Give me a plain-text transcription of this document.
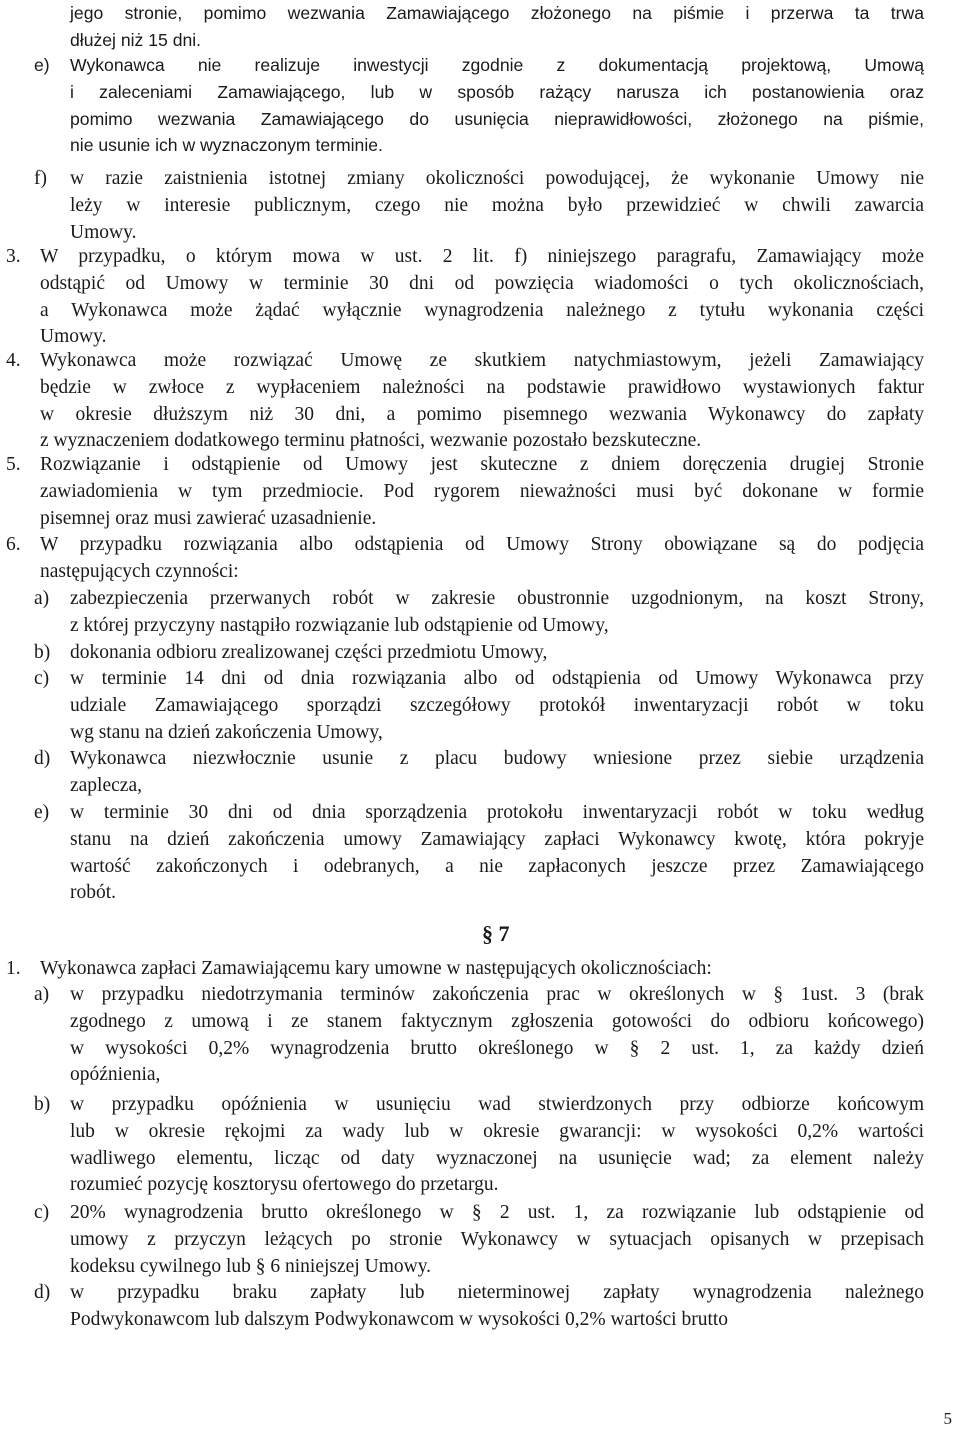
jego stronie, pomimo wezwania Zamawiającego złożonego na piśmie i przerwa ta trwa
dłużej niż 15 dni.
e) Wykonawca nie realizuje inwestycji zgodnie z dokumentacją projektową, Umową
i zaleceniami Zamawiającego, lub w sposób rażący narusza ich postanowienia oraz
pomimo wezwania Zamawiającego do usunięcia nieprawidłowości, złożonego na piśmie,
nie usunie ich w wyznaczonym terminie.
f) w razie zaistnienia istotnej zmiany okoliczności powodującej, że wykonanie Umowy nie
leży w interesie publicznym, czego nie można było przewidzieć w chwili zawarcia
Umowy.
3. W przypadku, o którym mowa w ust. 2 lit. f) niniejszego paragrafu, Zamawiający może
odstąpić od Umowy w terminie 30 dni od powzięcia wiadomości o tych okolicznościach,
a Wykonawca może żądać wyłącznie wynagrodzenia należnego z tytułu wykonania części
Umowy.
4. Wykonawca może rozwiązać Umowę ze skutkiem natychmiastowym, jeżeli Zamawiający
będzie w zwłoce z wypłaceniem należności na podstawie prawidłowo wystawionych faktur
w okresie dłuższym niż 30 dni, a pomimo pisemnego wezwania Wykonawcy do zapłaty
z wyznaczeniem dodatkowego terminu płatności, wezwanie pozostało bezskuteczne.
5. Rozwiązanie i odstąpienie od Umowy jest skuteczne z dniem doręczenia drugiej Stronie
zawiadomienia w tym przedmiocie. Pod rygorem nieważności musi być dokonane w formie
pisemnej oraz musi zawierać uzasadnienie.
6. W przypadku rozwiązania albo odstąpienia od Umowy Strony obowiązane są do podjęcia
następujących czynności:
a) zabezpieczenia przerwanych robót w zakresie obustronnie uzgodnionym, na koszt Strony,
z której przyczyny nastąpiło rozwiązanie lub odstąpienie od Umowy,
b) dokonania odbioru zrealizowanej części przedmiotu Umowy,
c) w terminie 14 dni od dnia rozwiązania albo od odstąpienia od Umowy Wykonawca przy
udziale Zamawiającego sporządzi szczegółowy protokół inwentaryzacji robót w toku
wg stanu na dzień zakończenia Umowy,
d) Wykonawca niezwłocznie usunie z placu budowy wniesione przez siebie urządzenia
zaplecza,
e) w terminie 30 dni od dnia sporządzenia protokołu inwentaryzacji robót w toku według
stanu na dzień zakończenia umowy Zamawiający zapłaci Wykonawcy kwotę, która pokryje
wartość zakończonych i odebranych, a nie zapłaconych jeszcze przez Zamawiającego
robót.
1. Wykonawca zapłaci Zamawiającemu kary umowne w następujących okolicznościach:
a) w przypadku niedotrzymania terminów zakończenia prac w określonych w § 1ust. 3 (brak
zgodnego z umową i ze stanem faktycznym zgłoszenia gotowości do odbioru końcowego)
w wysokości 0,2% wynagrodzenia brutto określonego w § 2 ust. 1, za każdy dzień
opóźnienia,
b) w przypadku opóźnienia w usunięciu wad stwierdzonych przy odbiorze końcowym
lub w okresie rękojmi za wady lub w okresie gwarancji: w wysokości 0,2% wartości
wadliwego elementu, licząc od daty wyznaczonej na usunięcie wad; za element należy
rozumieć pozycję kosztorysu ofertowego do przetargu.
c) 20% wynagrodzenia brutto określonego w § 2 ust. 1, za rozwiązanie lub odstąpienie od
umowy z przyczyn leżących po stronie Wykonawcy w sytuacjach opisanych w przepisach
kodeksu cywilnego lub § 6 niniejszej Umowy.
d) w przypadku braku zapłaty lub nieterminowej zapłaty wynagrodzenia należnego
Podwykonawcom lub dalszym Podwykonawcom w wysokości 0,2% wartości brutto
§ 7
5
